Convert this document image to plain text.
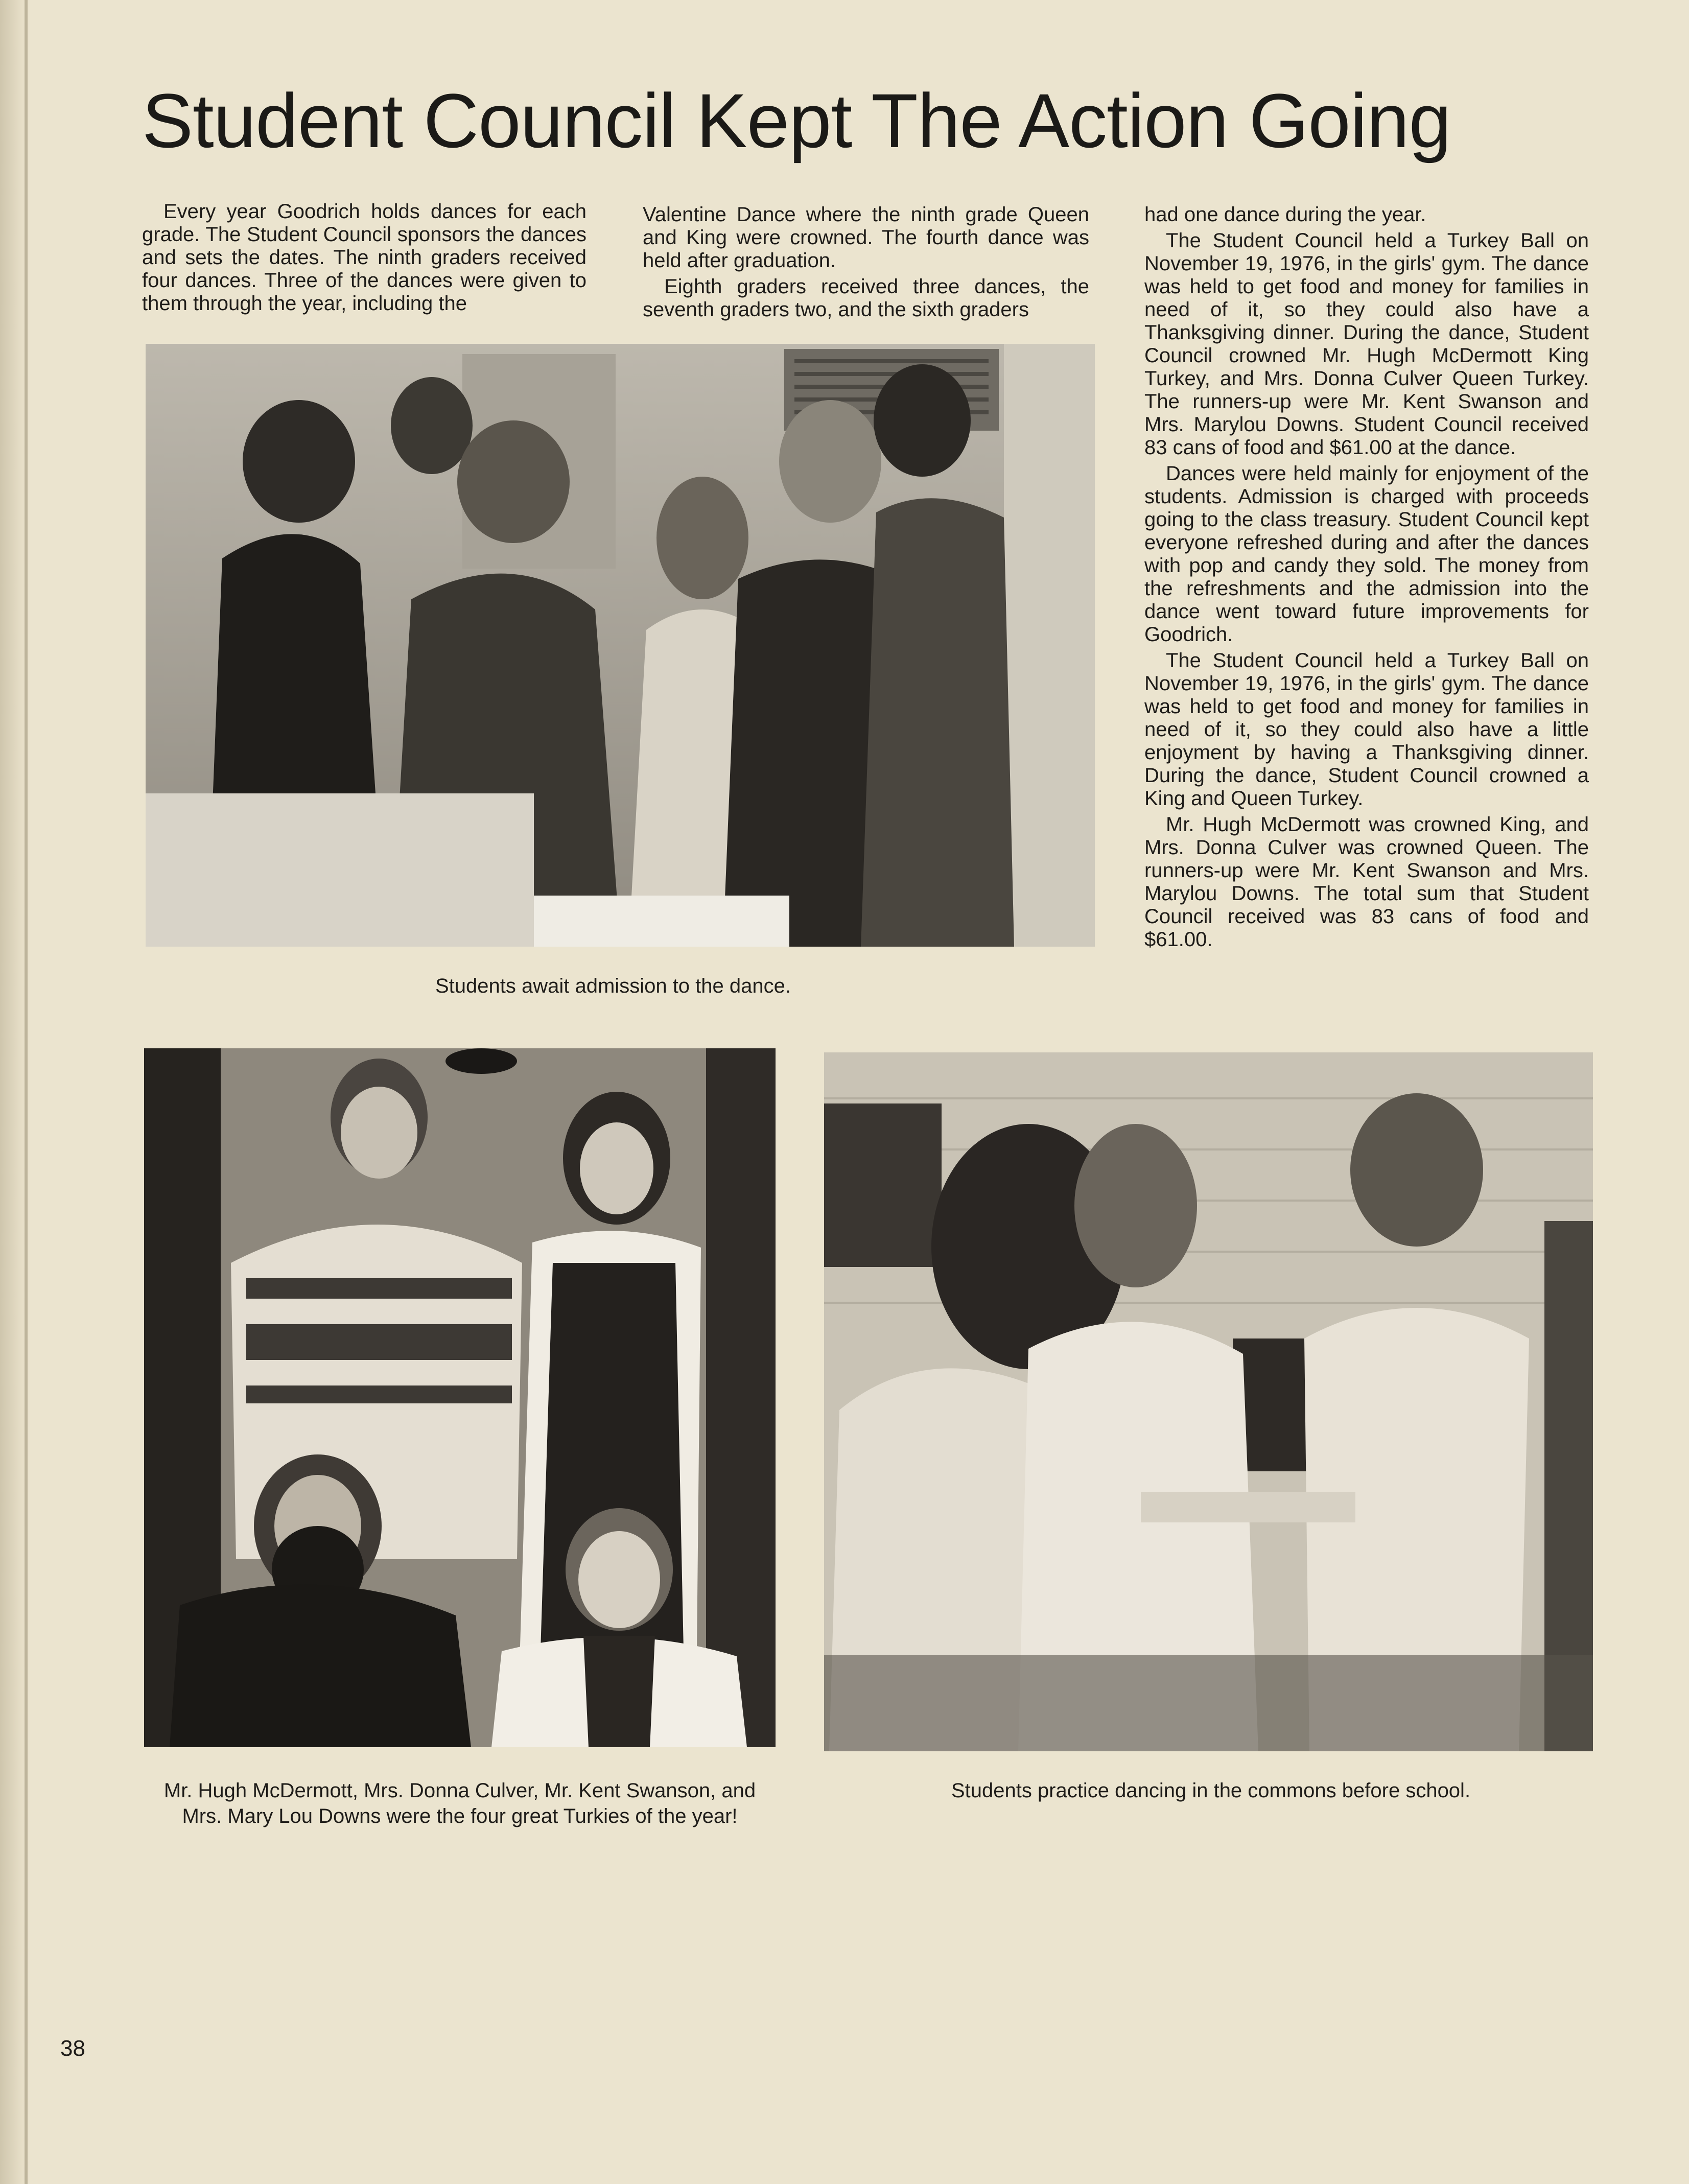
Student Council Kept The Action Going

Every year Goodrich holds dances for each grade. The Student Council sponsors the dances and sets the dates. The ninth graders received four dances. Three of the dances were given to them through the year, including the

Valentine Dance where the ninth grade Queen and King were crowned. The fourth dance was held after graduation.

Eighth graders received three dances, the seventh graders two, and the sixth graders

had one dance during the year.

The Student Council held a Turkey Ball on November 19, 1976, in the girls' gym. The dance was held to get food and money for families in need of it, so they could also have a Thanksgiving dinner. During the dance, Student Council crowned Mr. Hugh McDermott King Turkey, and Mrs. Donna Culver Queen Turkey. The runners-up were Mr. Kent Swanson and Mrs. Marylou Downs. Student Council received 83 cans of food and $61.00 at the dance.

Dances were held mainly for enjoyment of the students. Admission is charged with proceeds going to the class treasury. Student Council kept everyone refreshed during and after the dances with pop and candy they sold. The money from the refreshments and the admission into the dance went toward future improvements for Goodrich.

The Student Council held a Turkey Ball on November 19, 1976, in the girls' gym. The dance was held to get food and money for families in need of it, so they could also have a little enjoyment by having a Thanksgiving dinner. During the dance, Student Council crowned a King and Queen Turkey.

Mr. Hugh McDermott was crowned King, and Mrs. Donna Culver was crowned Queen. The runners-up were Mr. Kent Swanson and Mrs. Marylou Downs. The total sum that Student Council received was 83 cans of food and $61.00.

Students await admission to the dance.
Mr. Hugh McDermott, Mrs. Donna Culver, Mr. Kent Swanson, and
Mrs. Mary Lou Downs were the four great Turkies of the year!
Students practice dancing in the commons before school.
38
